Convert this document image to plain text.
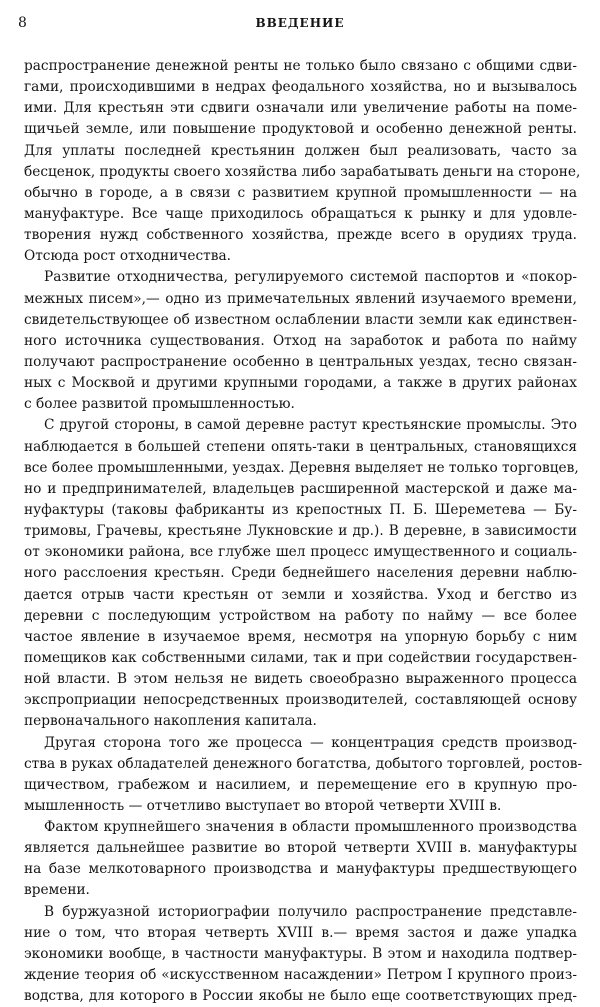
8	ВВЕДЕНИЕ
распространение денежной ренты не только было связано с общими сдви-
гами, происходившими в недрах феодального хозяйства, но и вызывалось
ими. Для крестьян эти сдвиги означали или увеличение работы на поме-
щичьей земле, или повышение продуктовой и особенно денежной ренты.
Для уплаты последней крестьянин должен был реализовать, часто за
бесценок, продукты своего хозяйства либо зарабатывать деньги на стороне,
обычно в городе, а в связи с развитием крупной промышленности — на
мануфактуре. Все чаще приходилось обращаться к рынку и для удовле-
творения нужд собственного хозяйства, прежде всего в орудиях труда.
Отсюда рост отходничества.
Развитие отходничества, регулируемого системой паспортов и «покор-
межных писем»,— одно из примечательных явлений изучаемого времени,
свидетельствующее об известном ослаблении власти земли как единствен-
ного источника существования. Отход на заработок и работа по найму
получают распространение особенно в центральных уездах, тесно связан-
ных с Москвой и другими крупными городами, а также в других районах
с более развитой промышленностью.
С другой стороны, в самой деревне растут крестьянские промыслы. Это
наблюдается в большей степени опять-таки в центральных, становящихся
все более промышленными, уездах. Деревня выделяет не только торговцев,
но и предпринимателей, владельцев расширенной мастерской и даже ма-
нуфактуры (таковы фабриканты из крепостных П. Б. Шереметева — Бу-
тримовы, Грачевы, крестьяне Лукновские и др.). В деревне, в зависимости
от экономики района, все глубже шел процесс имущественного и социаль-
ного расслоения крестьян. Среди беднейшего населения деревни наблю-
дается отрыв части крестьян от земли и хозяйства. Уход и бегство из
деревни с последующим устройством на работу по найму — все более
частое явление в изучаемое время, несмотря на упорную борьбу с ним
помещиков как собственными силами, так и при содействии государствен-
ной власти. В этом нельзя не видеть своеобразно выраженного процесса
экспроприации непосредственных производителей, составляющей основу
первоначального накопления капитала.
Другая сторона того же процесса — концентрация средств производ-
ства в руках обладателей денежного богатства, добытого торговлей, ростов-
щичеством, грабежом и насилием, и перемещение его в крупную про-
мышленность — отчетливо выступает во второй четверти XVIII в.
Фактом крупнейшего значения в области промышленного производства
является дальнейшее развитие во второй четверти XVIII в. мануфактуры
на базе мелкотоварного производства и мануфактуры предшествующего
времени.
В буржуазной историографии получило распространение представле-
ние о том, что вторая четверть XVIII в.— время застоя и даже упадка
экономики вообще, в частности мануфактуры. В этом и находила подтвер-
ждение теория об «искусственном насаждении» Петром I крупного произ-
водства, для которого в России якобы не было еще соответствующих пред-
